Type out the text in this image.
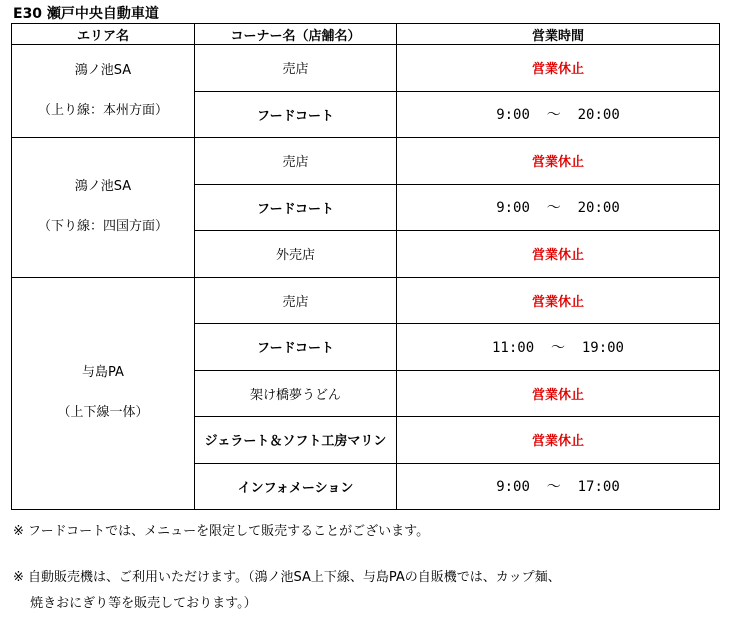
E30 瀬戸中央自動車道
エリア名	コーナー名（店舗名）	営業時間

鴻ノ池SA
（上り線：本州方面）	売店	営業休止
	フードコート	9:00  ～  20:00

鴻ノ池SA
（下り線：四国方面）	売店	営業休止
	フードコート	9:00  ～  20:00
	外売店	営業休止

与島PA
（上下線一体）	売店	営業休止
	フードコート	11:00  ～  19:00
	架け橋夢うどん	営業休止
	ジェラート＆ソフト工房マリン	営業休止
	インフォメーション	9:00  ～  17:00
※ フードコートでは、メニューを限定して販売することがございます。
※ 自動販売機は、ご利用いただけます。（鴻ノ池SA上下線、与島PAの自販機では、カップ麺、
　 焼きおにぎり等を販売しております。）
